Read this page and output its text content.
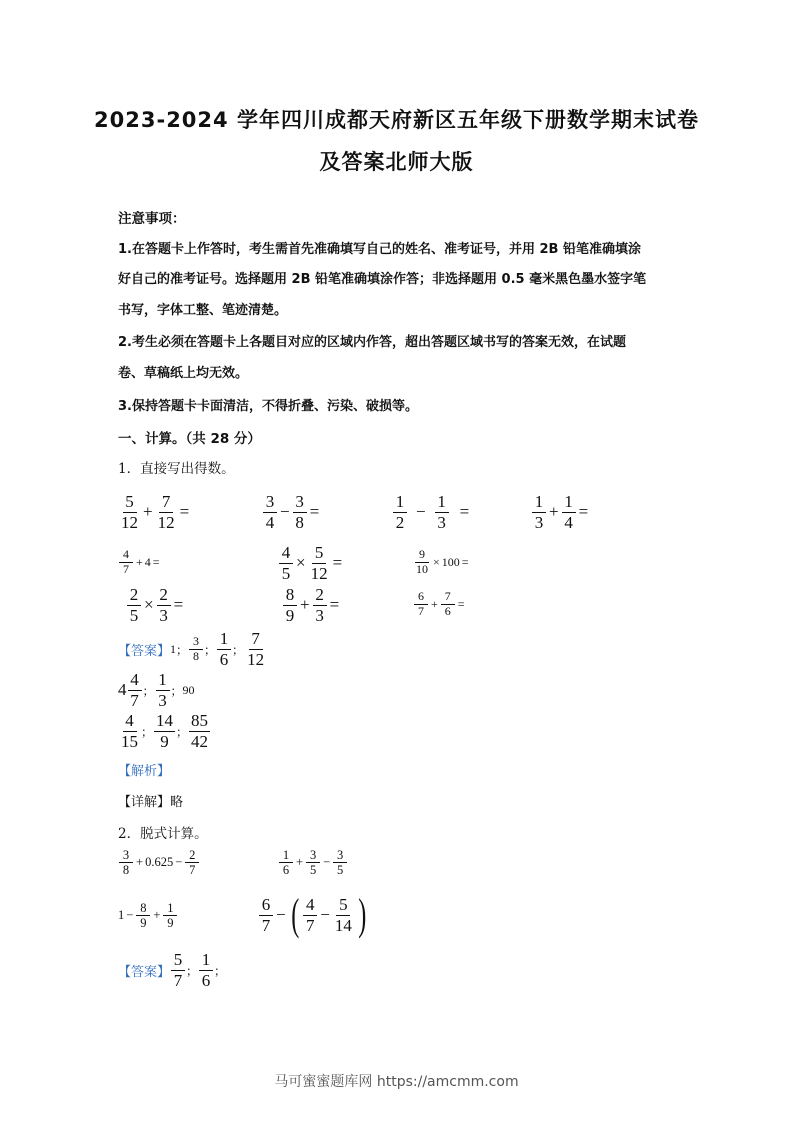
2023-2024 学年四川成都天府新区五年级下册数学期末试卷
及答案北师大版
注意事项：
1.在答题卡上作答时，考生需首先准确填写自己的姓名、准考证号，并用 2B 铅笔准确填涂
好自己的准考证号。选择题用 2B 铅笔准确填涂作答；非选择题用 0.5 毫米黑色墨水签字笔
书写，字体工整、笔迹清楚。
2.考生必须在答题卡上各题目对应的区域内作答，超出答题区域书写的答案无效，在试题
卷、草稿纸上均无效。
3.保持答题卡卡面清洁，不得折叠、污染、破损等。
一、计算。（共 28 分）
1．直接写出得数。
$\frac{5}{12} + \frac{7}{12}$ =	$\frac{3}{4} - \frac{3}{8}$ =	$\frac{1}{2} - \frac{1}{3}$ =	$\frac{1}{3} + \frac{1}{4}$ =
$\frac{4}{7} + 4$ =	$\frac{4}{5} \times \frac{5}{12}$ =	$\frac{9}{10} \times 100$ =
$\frac{2}{5} \times \frac{2}{3}$ =	$\frac{8}{9} + \frac{2}{3}$ =	$\frac{6}{7} + \frac{7}{6}$ =
【答案】 1 ； $\frac{3}{8}$ ； $\frac{1}{6}$ ； $\frac{7}{12}$
$4 \frac{4}{7}$ ； $\frac{1}{3}$ ； 90
$\frac{4}{15}$ ； $\frac{14}{9}$ ； $\frac{85}{42}$
【解析】
【详解】略
2．脱式计算。
$\frac{3}{8} + 0.625 - \frac{2}{7}$	$\frac{1}{6} + \frac{3}{5} - \frac{3}{5}$
$1 - \frac{8}{9} + \frac{1}{9}$	$\frac{6}{7}$ − ( $\frac{4}{7} - \frac{5}{14}$ )
【答案】 $\frac{5}{7}$ ； $\frac{1}{6}$ ；
马可蜜蜜题库网 https://amcmm.com
